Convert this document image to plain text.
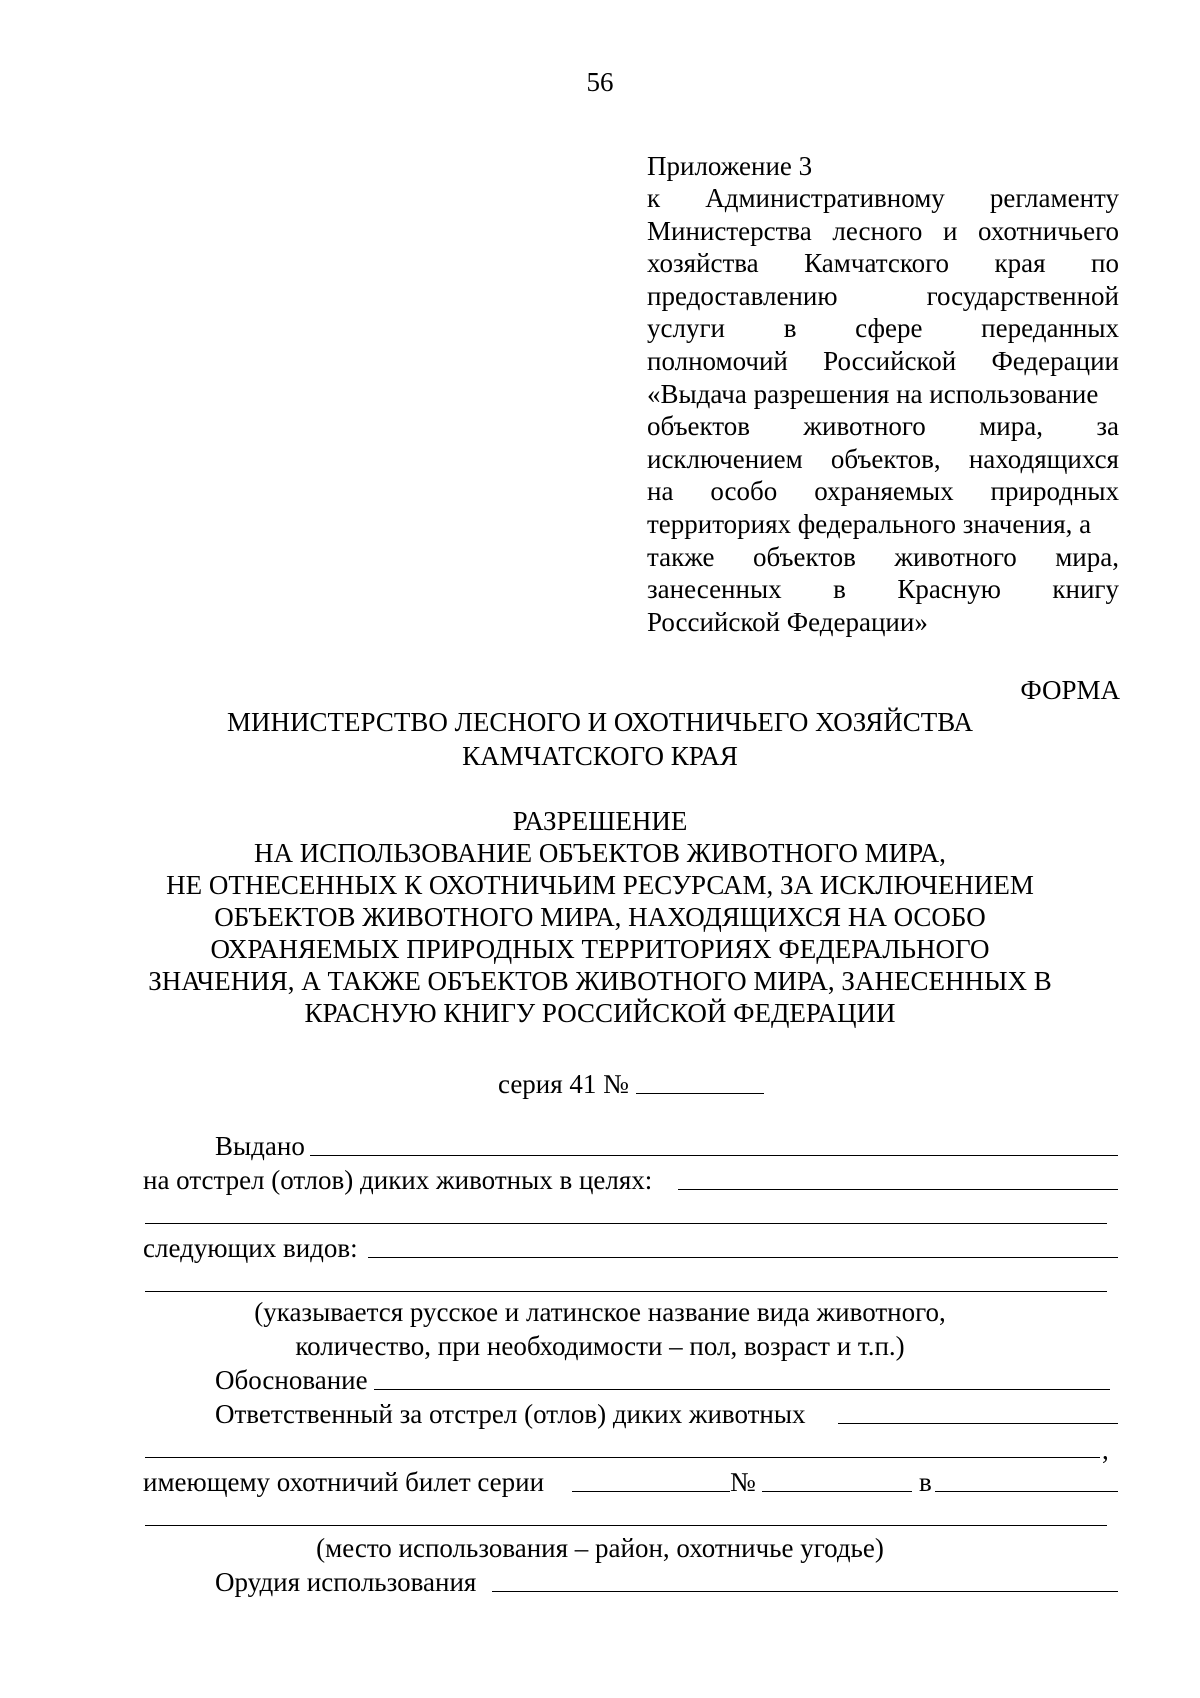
56
Приложение 3
к Административному регламенту
Министерства лесного и охотничьего
хозяйства Камчатского края по
предоставлению	государственной
услуги в сфере переданных
полномочий Российской Федерации
«Выдача разрешения на использование
объектов животного мира, за
исключением объектов, находящихся
на особо охраняемых природных
территориях федерального значения, а
также объектов животного мира,
занесенных в Красную книгу
Российской Федерации»
ФОРМА
МИНИСТЕРСТВО ЛЕСНОГО И ОХОТНИЧЬЕГО ХОЗЯЙСТВА
КАМЧАТСКОГО КРАЯ
РАЗРЕШЕНИЕ
НА ИСПОЛЬЗОВАНИЕ ОБЪЕКТОВ ЖИВОТНОГО МИРА,
НЕ ОТНЕСЕННЫХ К ОХОТНИЧЬИМ РЕСУРСАМ, ЗА ИСКЛЮЧЕНИЕМ
ОБЪЕКТОВ ЖИВОТНОГО МИРА, НАХОДЯЩИХСЯ НА ОСОБО
ОХРАНЯЕМЫХ ПРИРОДНЫХ ТЕРРИТОРИЯХ ФЕДЕРАЛЬНОГО
ЗНАЧЕНИЯ, А ТАКЖЕ ОБЪЕКТОВ ЖИВОТНОГО МИРА, ЗАНЕСЕННЫХ В
КРАСНУЮ КНИГУ РОССИЙСКОЙ ФЕДЕРАЦИИ
серия 41 №
Выдано
на отстрел (отлов) диких животных в целях:
следующих видов:
(указывается русское и латинское название вида животного,
количество, при необходимости – пол, возраст и т.п.)
Обоснование
Ответственный за отстрел (отлов) диких животных
,
имеющему охотничий билет серии	№	в
(место использования – район, охотничье угодье)
Орудия использования
